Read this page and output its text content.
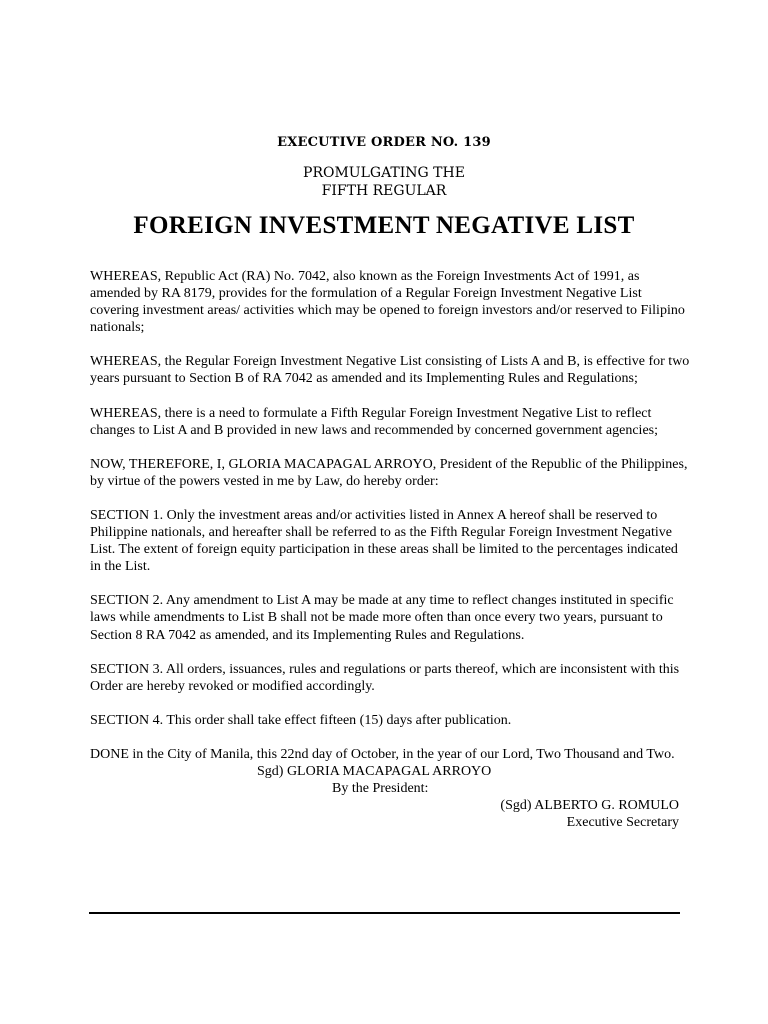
EXECUTIVE ORDER NO. 139
PROMULGATING THE
FIFTH REGULAR
FOREIGN INVESTMENT NEGATIVE LIST

WHEREAS, Republic Act (RA) No. 7042, also known as the Foreign Investments Act of 1991, as amended by RA 8179, provides for the formulation of a Regular Foreign Investment Negative List covering investment areas/ activities which may be opened to foreign investors and/or reserved to Filipino nationals;

WHEREAS, the Regular Foreign Investment Negative List consisting of Lists A and B, is effective for two years pursuant to Section B of RA 7042 as amended and its Implementing Rules and Regulations;

WHEREAS, there is a need to formulate a Fifth Regular Foreign Investment Negative List to reflect changes to List A and B provided in new laws and recommended by concerned government agencies;

NOW, THEREFORE, I, GLORIA MACAPAGAL ARROYO, President of the Republic of the Philippines, by virtue of the powers vested in me by Law, do hereby order:

SECTION 1. Only the investment areas and/or activities listed in Annex A hereof shall be reserved to Philippine nationals, and hereafter shall be referred to as the Fifth Regular Foreign Investment Negative List. The extent of foreign equity participation in these areas shall be limited to the percentages indicated in the List.

SECTION 2. Any amendment to List A may be made at any time to reflect changes instituted in specific laws while amendments to List B shall not be made more often than once every two years, pursuant to Section 8 RA 7042 as amended, and its Implementing Rules and Regulations.

SECTION 3. All orders, issuances, rules and regulations or parts thereof, which are inconsistent with this Order are hereby revoked or modified accordingly.

SECTION 4. This order shall take effect fifteen (15) days after publication.

DONE in the City of Manila, this 22nd day of October, in the year of our Lord, Two Thousand and Two.

Sgd) GLORIA MACAPAGAL ARROYO
By the President:
(Sgd) ALBERTO G. ROMULO
Executive Secretary
